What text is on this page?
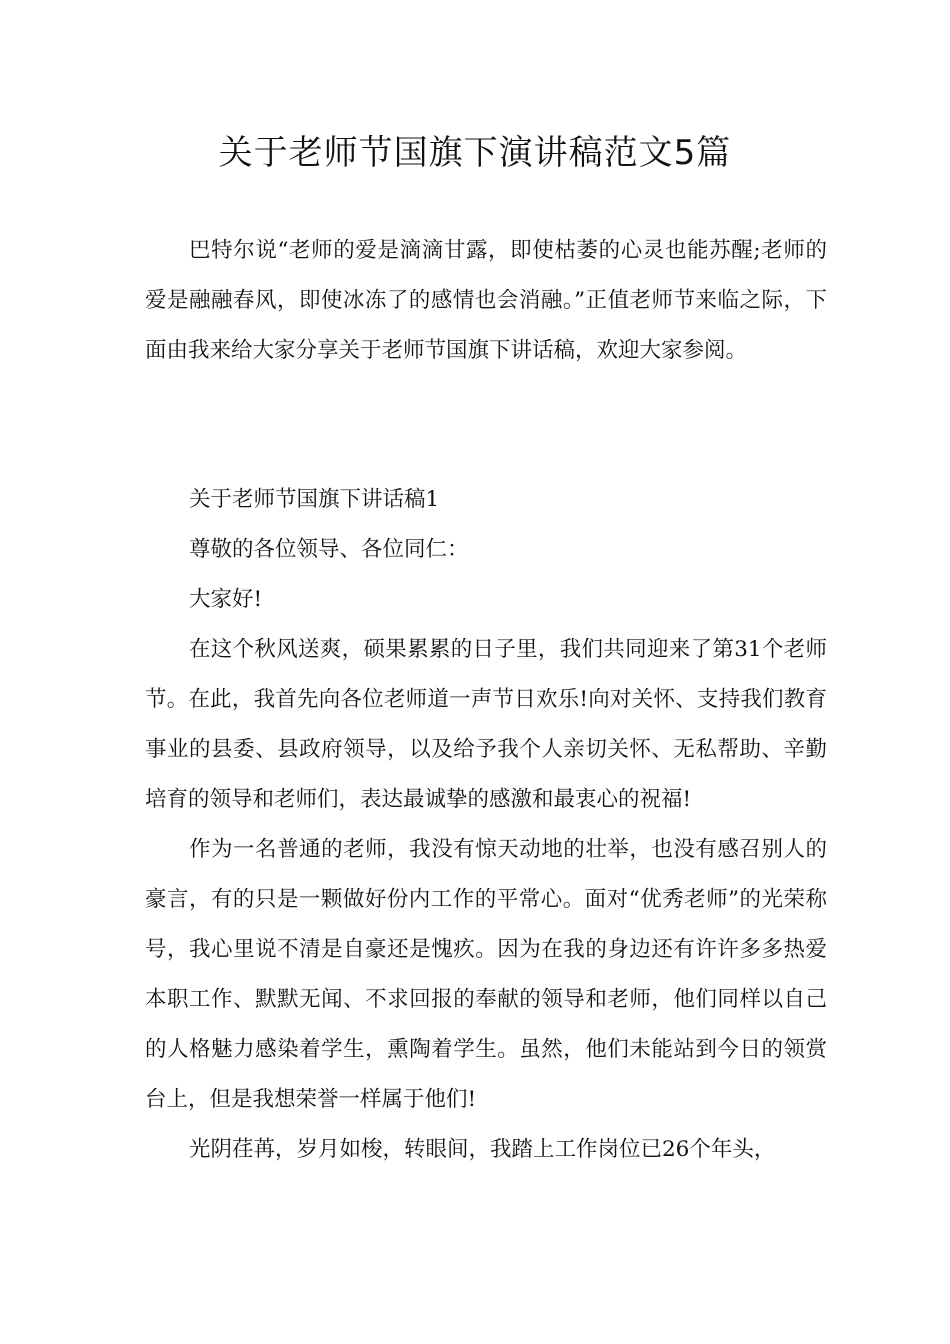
关于老师节国旗下演讲稿范文5篇

巴特尔说“老师的爱是滴滴甘露，即使枯萎的心灵也能苏醒;老师的爱是融融春风，即使冰冻了的感情也会消融。”正值老师节来临之际，下面由我来给大家分享关于老师节国旗下讲话稿，欢迎大家参阅。

关于老师节国旗下讲话稿1

尊敬的各位领导、各位同仁：

大家好!

在这个秋风送爽，硕果累累的日子里，我们共同迎来了第31个老师节。在此，我首先向各位老师道一声节日欢乐!向对关怀、支持我们教育事业的县委、县政府领导，以及给予我个人亲切关怀、无私帮助、辛勤培育的领导和老师们，表达最诚挚的感激和最衷心的祝福!

作为一名普通的老师，我没有惊天动地的壮举，也没有感召别人的豪言，有的只是一颗做好份内工作的平常心。面对“优秀老师”的光荣称号，我心里说不清是自豪还是愧疚。因为在我的身边还有许许多多热爱本职工作、默默无闻、不求回报的奉献的领导和老师，他们同样以自己的人格魅力感染着学生，熏陶着学生。虽然，他们未能站到今日的领赏台上，但是我想荣誉一样属于他们!

光阴荏苒，岁月如梭，转眼间，我踏上工作岗位已26个年头，
